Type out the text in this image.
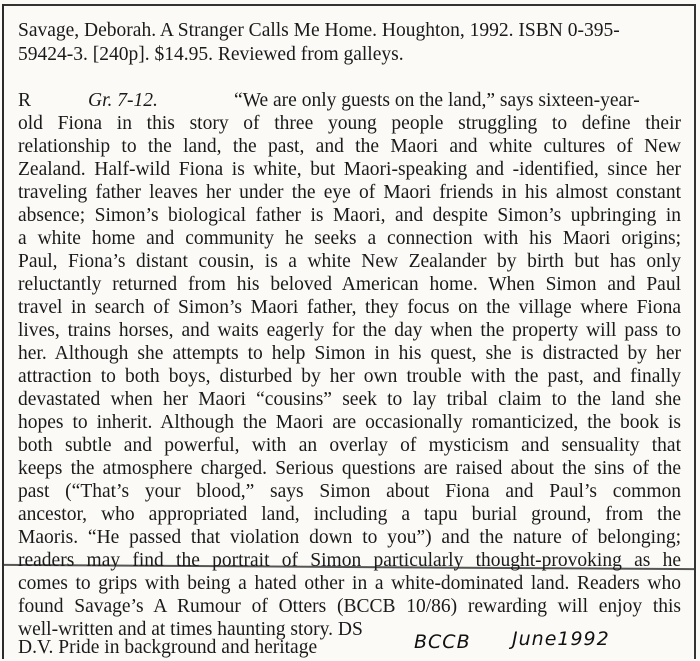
Savage, Deborah. A Stranger Calls Me Home. Houghton, 1992. ISBN 0-395-
59424-3. [240p]. $14.95. Reviewed from galleys.
R	Gr. 7-12.	“We are only guests on the land,” says sixteen-year-
old Fiona in this story of three young people struggling to define their
relationship to the land, the past, and the Maori and white cultures of New
Zealand. Half-wild Fiona is white, but Maori-speaking and -identified, since her
traveling father leaves her under the eye of Maori friends in his almost constant
absence; Simon’s biological father is Maori, and despite Simon’s upbringing in
a white home and community he seeks a connection with his Maori origins;
Paul, Fiona’s distant cousin, is a white New Zealander by birth but has only
reluctantly returned from his beloved American home. When Simon and Paul
travel in search of Simon’s Maori father, they focus on the village where Fiona
lives, trains horses, and waits eagerly for the day when the property will pass to
her. Although she attempts to help Simon in his quest, she is distracted by her
attraction to both boys, disturbed by her own trouble with the past, and finally
devastated when her Maori “cousins” seek to lay tribal claim to the land she
hopes to inherit. Although the Maori are occasionally romanticized, the book is
both subtle and powerful, with an overlay of mysticism and sensuality that
keeps the atmosphere charged. Serious questions are raised about the sins of the
past (“That’s your blood,” says Simon about Fiona and Paul’s common
ancestor, who appropriated land, including a tapu burial ground, from the
Maoris. “He passed that violation down to you”) and the nature of belonging;
readers may find the portrait of Simon particularly thought-provoking as he
comes to grips with being a hated other in a white-dominated land. Readers who
found Savage’s A Rumour of Otters (BCCB 10/86) rewarding will enjoy this
well-written and at times haunting story. DS
D.V. Pride in background and heritage	BCCB June1992
